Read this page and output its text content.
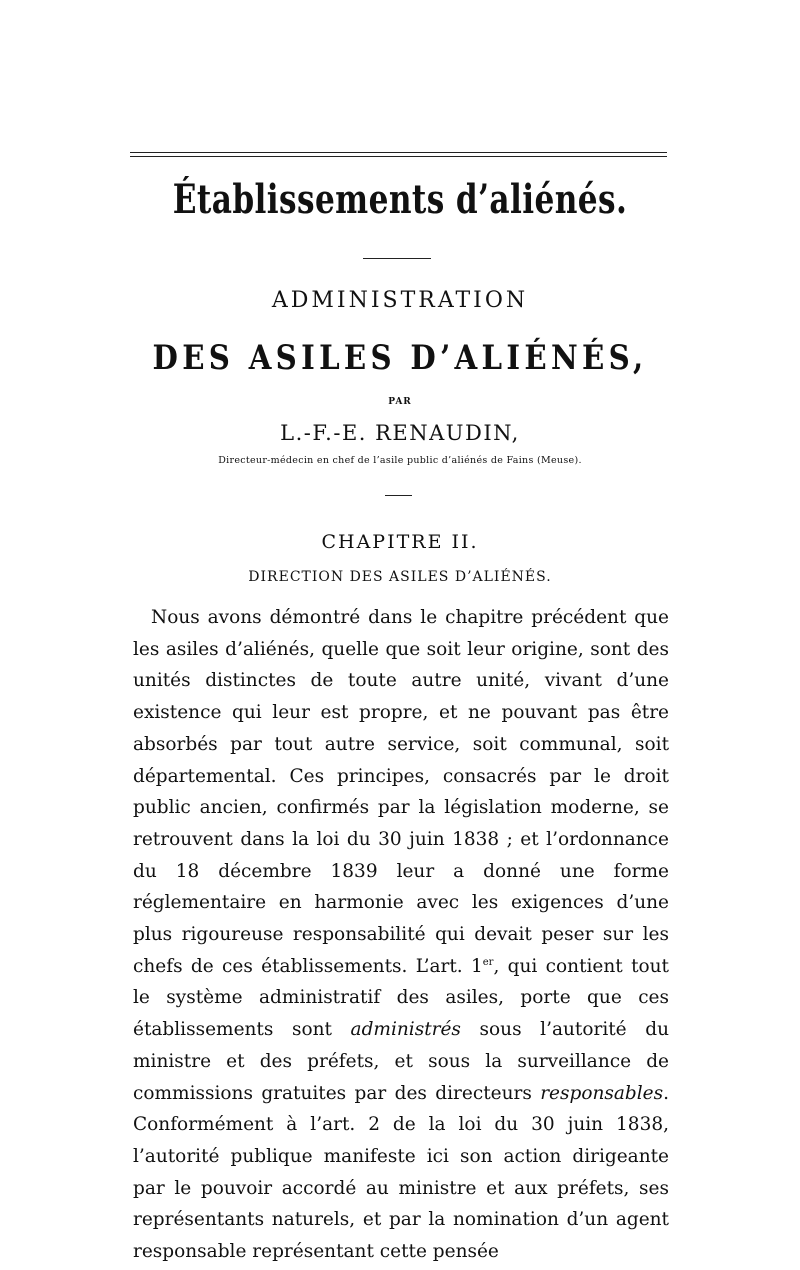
Établissements d’aliénés.
ADMINISTRATION
DES ASILES D’ALIÉNÉS,
PAR
L.-F.-E. RENAUDIN,
Directeur-médecin en chef de l’asile public d’aliénés de Fains (Meuse).
CHAPITRE II.
DIRECTION DES ASILES D’ALIÉNÉS.

Nous avons démontré dans le chapitre précédent que les asiles d’aliénés, quelle que soit leur origine, sont des unités distinctes de toute autre unité, vivant d’une existence qui leur est propre, et ne pouvant pas être absorbés par tout autre service, soit communal, soit départemental. Ces principes, consacrés par le droit public ancien, confirmés par la législation moderne, se retrouvent dans la loi du 30 juin 1838 ; et l’ordonnance du 18 décembre 1839 leur a donné une forme réglementaire en harmonie avec les exigences d’une plus rigoureuse responsabilité qui devait peser sur les chefs de ces établissements. L’art. 1er, qui contient tout le système administratif des asiles, porte que ces établissements sont administrés sous l’autorité du ministre et des préfets, et sous la surveillance de commissions gratuites par des directeurs responsables. Conformément à l’art. 2 de la loi du 30 juin 1838, l’autorité publique manifeste ici son action dirigeante par le pouvoir accordé au ministre et aux préfets, ses représentants naturels, et par la nomination d’un agent responsable représentant cette pensée
